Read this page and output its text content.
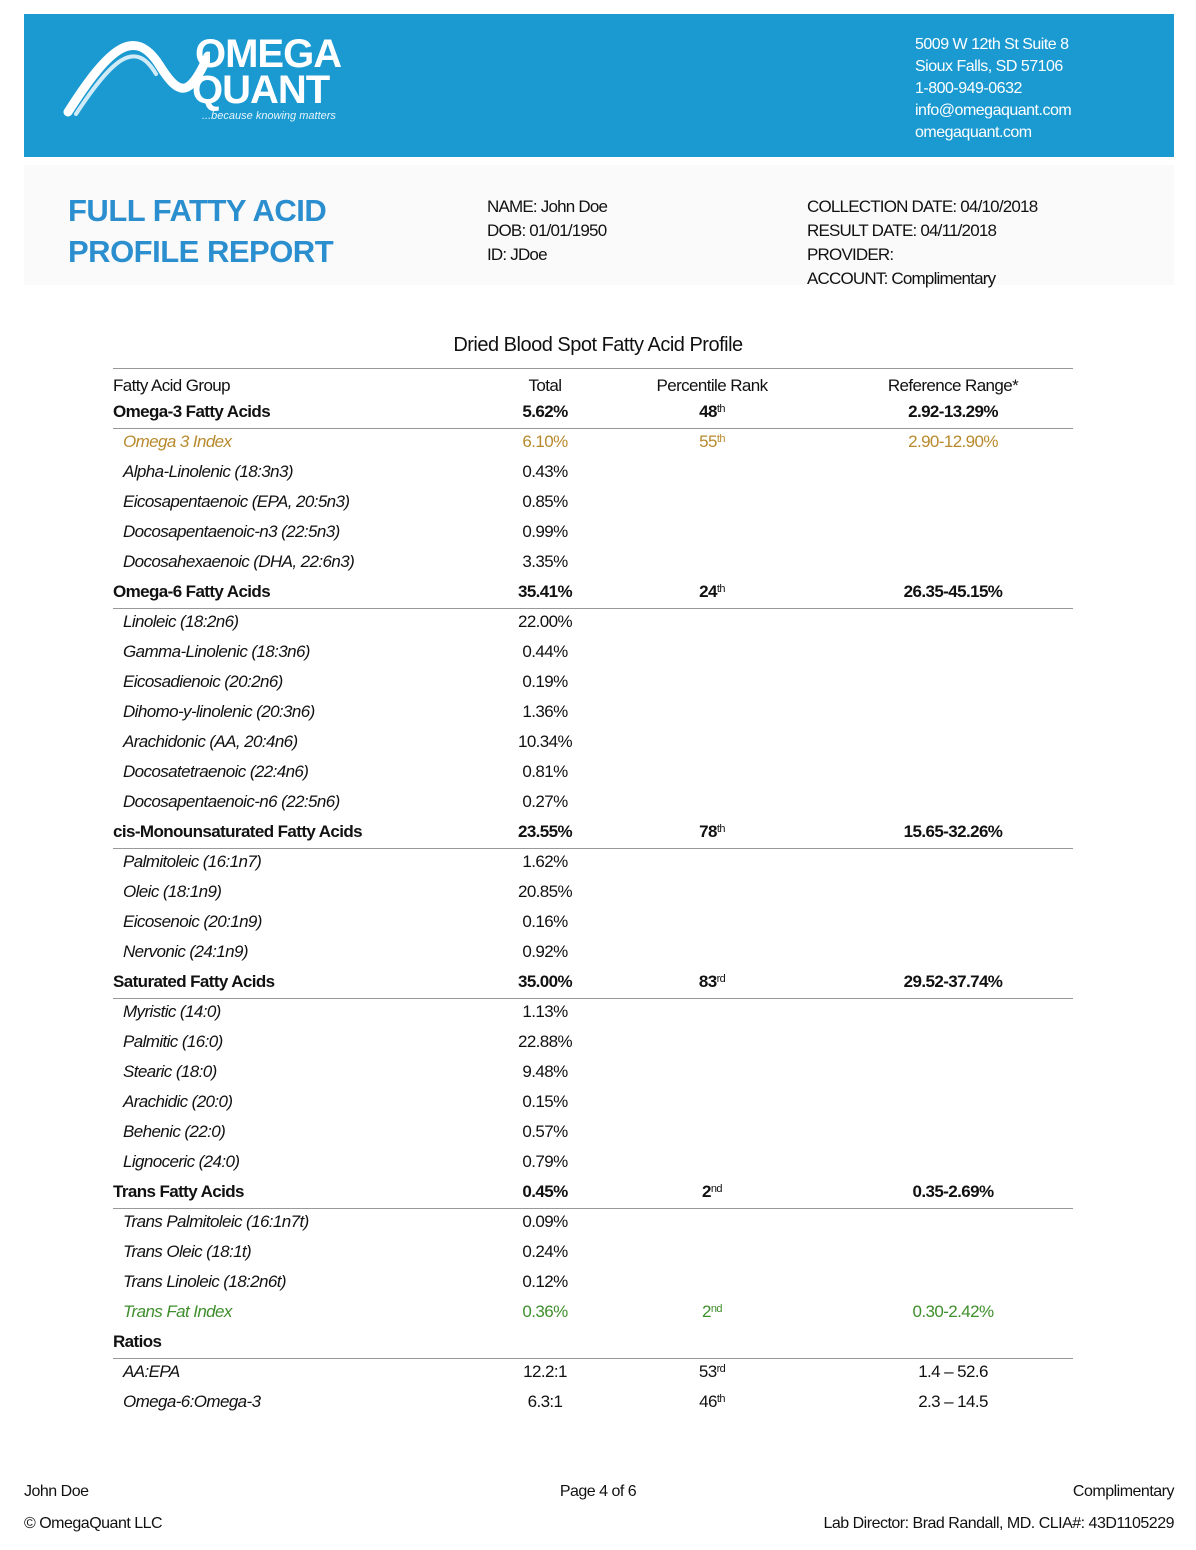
OMEGA
QUANT
...because knowing matters
5009 W 12th St Suite 8
Sioux Falls, SD 57106
1-800-949-0632
info@omegaquant.com
omegaquant.com
FULL FATTY ACID
PROFILE REPORT
NAME: John Doe
DOB: 01/01/1950
ID: JDoe
COLLECTION DATE: 04/10/2018
RESULT DATE: 04/11/2018
PROVIDER:
ACCOUNT: Complimentary
Dried Blood Spot Fatty Acid Profile
Fatty Acid Group	Total	Percentile Rank	Reference Range*
Omega-3 Fatty Acids	5.62%	48th	2.92-13.29%
Omega 3 Index	6.10%	55th	2.90-12.90%
Alpha-Linolenic (18:3n3)	0.43%
Eicosapentaenoic (EPA, 20:5n3)	0.85%
Docosapentaenoic-n3 (22:5n3)	0.99%
Docosahexaenoic (DHA, 22:6n3)	3.35%
Omega-6 Fatty Acids	35.41%	24th	26.35-45.15%
Linoleic (18:2n6)	22.00%
Gamma-Linolenic (18:3n6)	0.44%
Eicosadienoic (20:2n6)	0.19%
Dihomo-y-linolenic (20:3n6)	1.36%
Arachidonic (AA, 20:4n6)	10.34%
Docosatetraenoic (22:4n6)	0.81%
Docosapentaenoic-n6 (22:5n6)	0.27%
cis-Monounsaturated Fatty Acids	23.55%	78th	15.65-32.26%
Palmitoleic (16:1n7)	1.62%
Oleic (18:1n9)	20.85%
Eicosenoic (20:1n9)	0.16%
Nervonic (24:1n9)	0.92%
Saturated Fatty Acids	35.00%	83rd	29.52-37.74%
Myristic (14:0)	1.13%
Palmitic (16:0)	22.88%
Stearic (18:0)	9.48%
Arachidic (20:0)	0.15%
Behenic (22:0)	0.57%
Lignoceric (24:0)	0.79%
Trans Fatty Acids	0.45%	2nd	0.35-2.69%
Trans Palmitoleic (16:1n7t)	0.09%
Trans Oleic (18:1t)	0.24%
Trans Linoleic (18:2n6t)	0.12%
Trans Fat Index	0.36%	2nd	0.30-2.42%
Ratios
AA:EPA	12.2:1	53rd	1.4 – 52.6
Omega-6:Omega-3	6.3:1	46th	2.3 – 14.5
John Doe	Page 4 of 6	Complimentary
© OmegaQuant LLC	Lab Director: Brad Randall, MD. CLIA#: 43D1105229
